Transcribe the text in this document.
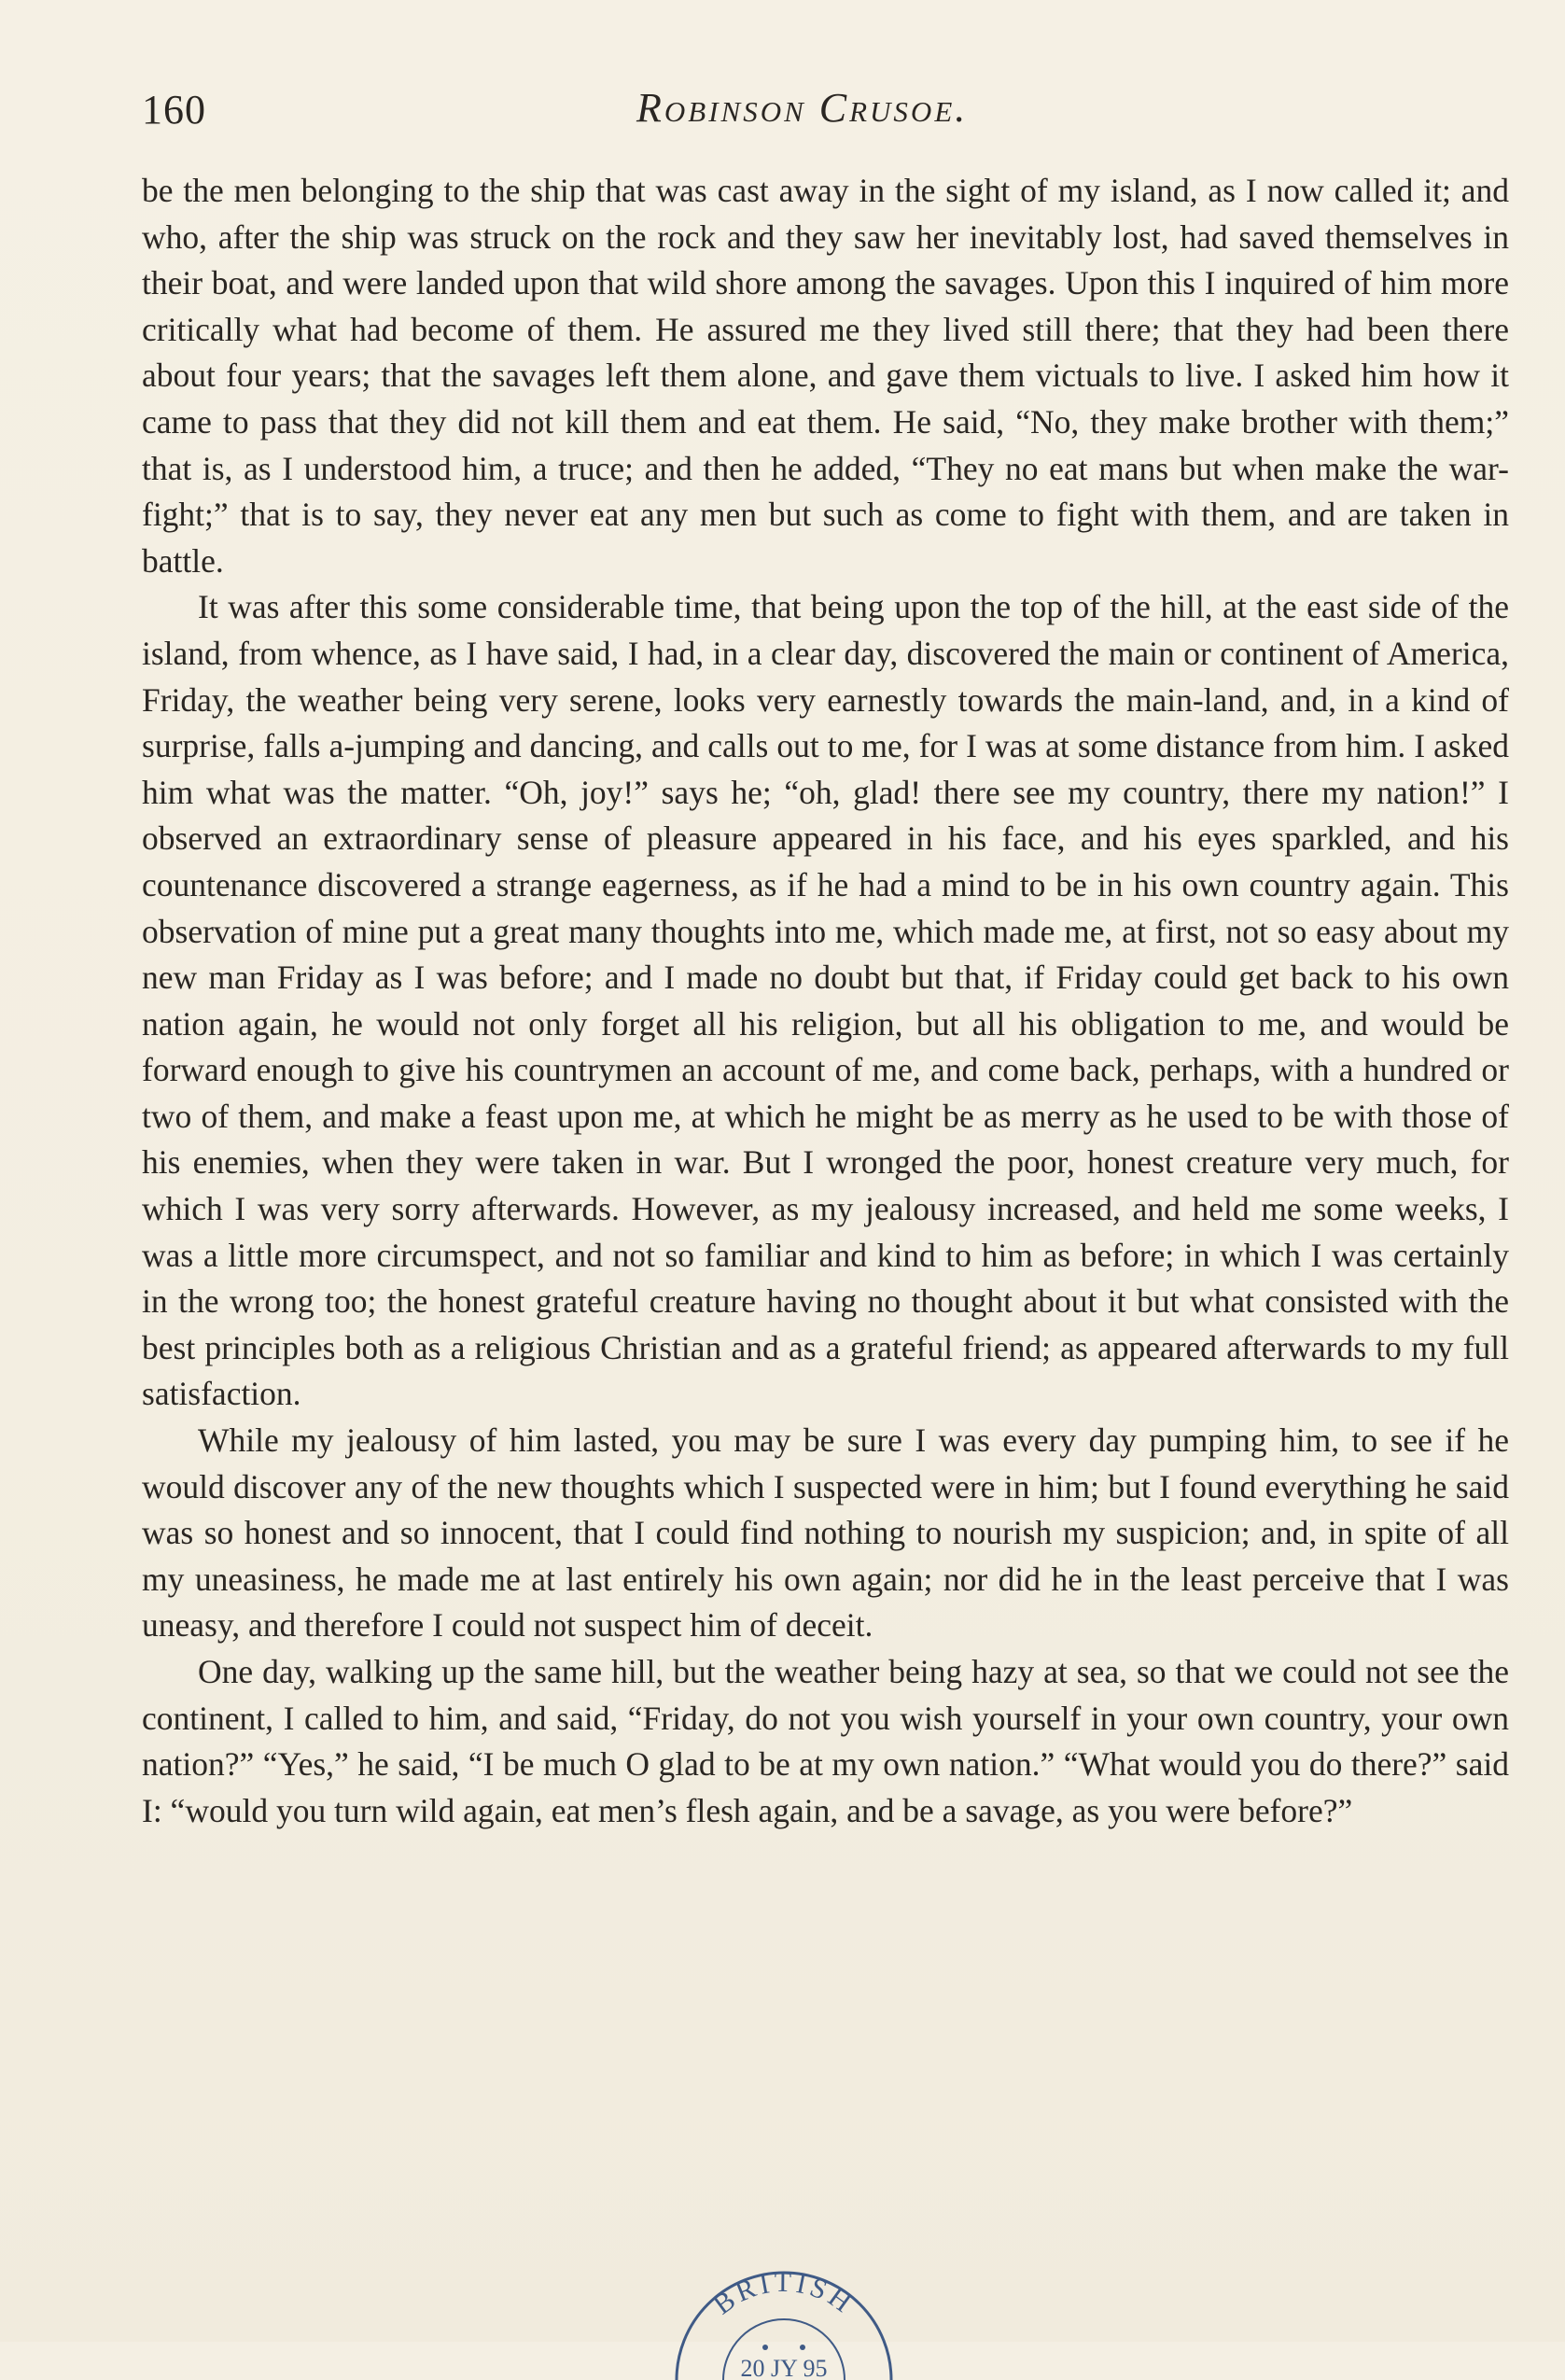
160	Robinson Crusoe.

be the men belonging to the ship that was cast away in the sight of my island, as I now called it; and who, after the ship was struck on the rock and they saw her inevitably lost, had saved themselves in their boat, and were landed upon that wild shore among the savages. Upon this I inquired of him more critically what had become of them. He assured me they lived still there; that they had been there about four years; that the savages left them alone, and gave them victuals to live. I asked him how it came to pass that they did not kill them and eat them. He said, “No, they make brother with them;” that is, as I understood him, a truce; and then he added, “They no eat mans but when make the war-fight;” that is to say, they never eat any men but such as come to fight with them, and are taken in battle.

It was after this some considerable time, that being upon the top of the hill, at the east side of the island, from whence, as I have said, I had, in a clear day, discovered the main or continent of America, Friday, the weather being very serene, looks very earnestly towards the main-land, and, in a kind of surprise, falls a-jumping and dancing, and calls out to me, for I was at some distance from him. I asked him what was the matter. “Oh, joy!” says he; “oh, glad! there see my country, there my nation!” I observed an extraordinary sense of pleasure appeared in his face, and his eyes sparkled, and his countenance discovered a strange eagerness, as if he had a mind to be in his own country again. This observation of mine put a great many thoughts into me, which made me, at first, not so easy about my new man Friday as I was before; and I made no doubt but that, if Friday could get back to his own nation again, he would not only forget all his religion, but all his obligation to me, and would be forward enough to give his countrymen an account of me, and come back, perhaps, with a hundred or two of them, and make a feast upon me, at which he might be as merry as he used to be with those of his enemies, when they were taken in war. But I wronged the poor, honest creature very much, for which I was very sorry afterwards. However, as my jealousy increased, and held me some weeks, I was a little more circumspect, and not so familiar and kind to him as before; in which I was certainly in the wrong too; the honest grateful creature having no thought about it but what consisted with the best principles both as a religious Christian and as a grateful friend; as appeared afterwards to my full satisfaction.

While my jealousy of him lasted, you may be sure I was every day pumping him, to see if he would discover any of the new thoughts which I suspected were in him; but I found everything he said was so honest and so innocent, that I could find nothing to nourish my suspicion; and, in spite of all my uneasiness, he made me at last entirely his own again; nor did he in the least perceive that I was uneasy, and therefore I could not suspect him of deceit.

One day, walking up the same hill, but the weather being hazy at sea, so that we could not see the continent, I called to him, and said, “Friday, do not you wish yourself in your own country, your own nation?” “Yes,” he said, “I be much O glad to be at my own nation.” “What would you do there?” said I: “would you turn wild again, eat men’s flesh again, and be a savage, as you were before?”

BRITISH
20 JY 95
